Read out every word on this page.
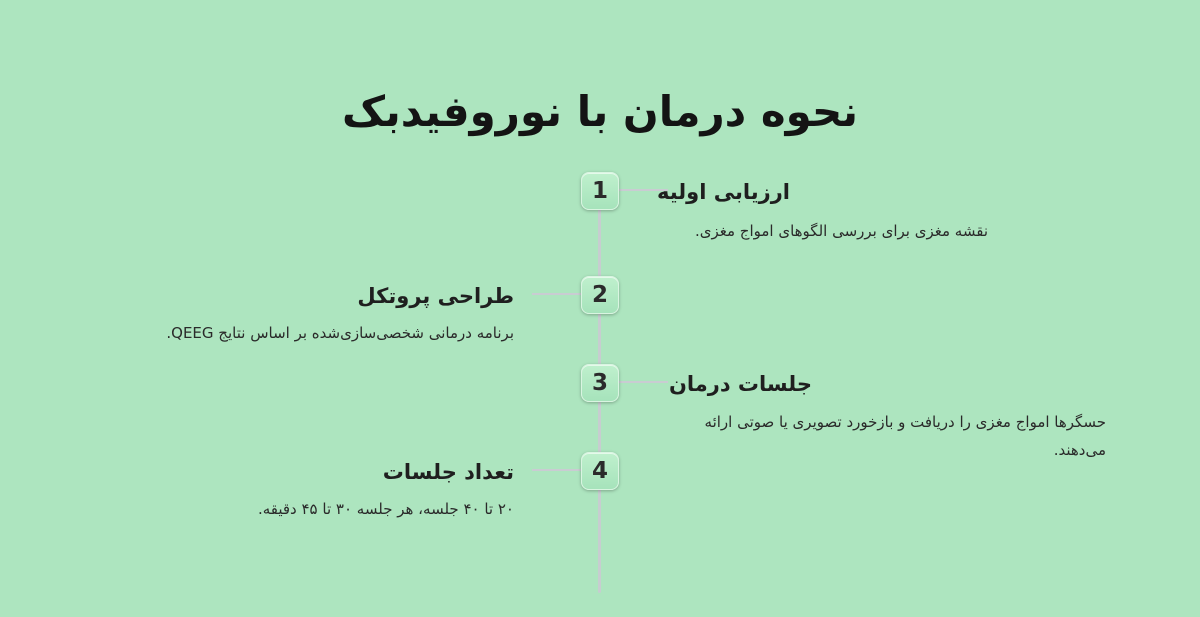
نحوه درمان با نوروفیدبک
1	ارزیابی اولیه

نقشه مغزی برای بررسی الگوهای امواج مغزی.

2
طراحی پروتکل

برنامه درمانی شخصی‌سازی‌شده بر اساس نتایج QEEG.

3	جلسات درمان

حسگرها امواج مغزی را دریافت و بازخورد تصویری یا صوتی ارائه می‌دهند.

4
تعداد جلسات

۲۰ تا ۴۰ جلسه، هر جلسه ۳۰ تا ۴۵ دقیقه.
